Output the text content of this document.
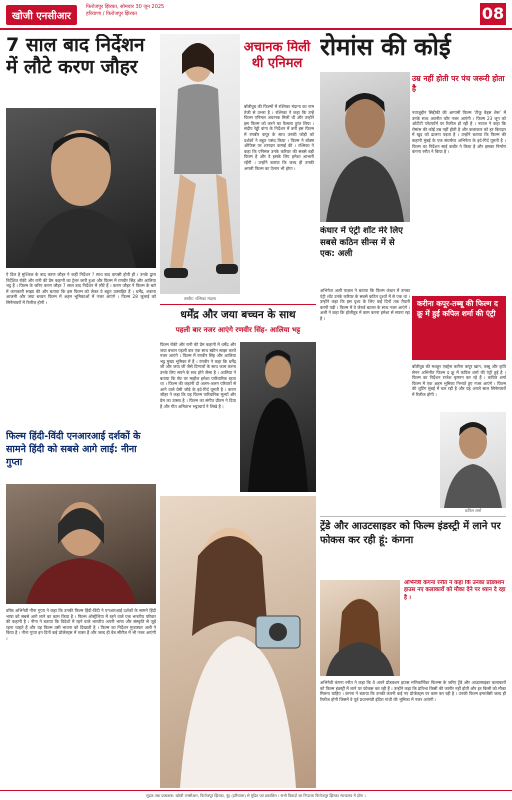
खोजी एनसीआर
फिरोजपुर झिरका, सोमवार 30 जून 2025
हरियाणा / फिरोजपुर झिरका	08
7 साल बाद निर्देशन में लौटे करण जौहर
ऐ दिल है मुश्किल के बाद करण जौहर ने कहीं निर्देशन ? साथ बाद वापसी होनी ही । उनके द्वारा निर्देशित रॉकी और रानी की प्रेम कहानी का ट्रेलर जारी हुआ और फिल्म में रणवीर सिंह और आलिया भट्ट हैं । फिल्म के जरिए करण जौहर 7 साल बाद निर्देशन में लौटे हैं । करण जौहर ने फिल्म के बारे में जानकारी साझा की और बताया कि इस फिल्म को लेकर वे बहुत उत्साहित हैं । धर्मेंद्र, शबाना आजमी और जया बच्चन फिल्म में अहम भूमिकाओं में नजर आएंगे । फिल्म 28 जुलाई को सिनेमाघरों में रिलीज होगी ।
अचानक मिली थी एनिमल
बॉलीवुड की फिल्मों में रश्मिका मंदाना का नाम तेजी से उभरा है । रश्मिका ने कहा कि उन्हें फिल्म एनिमल अचानक मिली थी और उन्होंने इस फिल्म को करने का फैसला तुरंत लिया । संदीप रेड्डी वांगा के निर्देशन में बनी इस फिल्म में रणबीर कपूर के साथ उनकी जोड़ी को दर्शकों ने बहुत पसंद किया । फिल्म ने बॉक्स ऑफिस पर शानदार कमाई की । रश्मिका ने कहा कि एनिमल उनके करियर की सबसे बड़ी फिल्म है और वे इसके लिए हमेशा आभारी रहेंगी । उन्होंने बताया कि जल्द ही उनकी अगली फिल्म का ऐलान भी होगा ।
तस्वीर: रश्मिका मंदाना
धर्मेंद्र और जया बच्चन के साथ
पहली बार नजर आएंगे रणवीर सिंह- आलिया भट्ट
फिल्म रॉकी और रानी की प्रेम कहानी में धर्मेंद्र और जया बच्चन पहली बार एक साथ स्क्रीन साझा करते नजर आएंगे । फिल्म में रणवीर सिंह और आलिया भट्ट मुख्य भूमिका में हैं । रणवीर ने कहा कि धर्मेंद्र जी और जया जी जैसे दिग्गजों के साथ काम करना उनके लिए सपने के सच होने जैसा है । आलिया ने बताया कि सेट पर माहौल हमेशा पारिवारिक रहता था । फिल्म की कहानी दो अलग-अलग परिवारों से आने वाले प्रेमी जोड़े के इर्द-गिर्द घूमती है । करण जौहर ने कहा कि यह फिल्म पारिवारिक मूल्यों और प्रेम का उत्सव है । फिल्म का संगीत प्रीतम ने दिया है और गीत अमिताभ भट्टाचार्य ने लिखे हैं ।
फिल्म हिंदी-विंदी एनआरआई दर्शकों के सामने हिंदी को सबसे आगे लाई: नीना गुप्ता
वरिष्ठ अभिनेत्री नीना गुप्ता ने कहा कि उनकी फिल्म हिंदी-विंदी ने एनआरआई दर्शकों के सामने हिंदी भाषा को सबसे आगे लाने का काम किया है । फिल्म ऑस्ट्रेलिया में रहने वाले एक भारतीय परिवार की कहानी है । नीना ने बताया कि विदेशों में रहने वाले भारतीय अपनी भाषा और संस्कृति से जुड़े रहना चाहते हैं और यह फिल्म उसी भावना को दिखाती है । फिल्म का निर्देशन मुजफ्फर अली ने किया है । नीना गुप्ता इन दिनों कई प्रोजेक्ट्स में व्यस्त हैं और जल्द ही वेब सीरीज में भी नजर आएंगी ।
रोमांस की कोई
उम्र नहीं होती पर पंच जरूरी होता है
नवाजुद्दीन सिद्दीकी की आगामी फिल्म ‘टीकू वेड्स शेरू’ में उनके साथ अवनीत कौर नजर आएंगी । फिल्म 23 जून को ओटीटी प्लेटफॉर्म पर रिलीज हो रही है । नवाज ने कहा कि रोमांस की कोई उम्र नहीं होती है और कलाकार को हर किरदार में खुद को ढालना पड़ता है । उन्होंने बताया कि फिल्म की कहानी मुंबई के एक संघर्षरत अभिनेता के इर्द-गिर्द घूमती है । फिल्म का निर्देशन साई कबीर ने किया है और इसका निर्माण कंगना रनौत ने किया है ।
कंधार में एंट्री शॉट मेरे लिए सबसे कठिन सीन्स में से एक: अली
अभिनेता अली फज़ल ने बताया कि फिल्म कंधार में उनका एंट्री शॉट उनके करियर के सबसे कठिन दृश्यों में से एक था । उन्होंने कहा कि इस दृश्य के लिए कई दिनों तक तैयारी करनी पड़ी । फिल्म में वे जेरार्ड बटलर के साथ नजर आएंगे । अली ने कहा कि हॉलीवुड में काम करना हमेशा से सपना रहा है ।
करीना कपूर-तब्बू की फिल्म द क्रू में हुई कपिल शर्मा की एंट्री
बॉलीवुड की मशहूर एक्ट्रेस करीना कपूर खान, तब्बू और कृति सेनन अभिनीत फिल्म द क्रू में कपिल शर्मा की एंट्री हुई है । फिल्म का निर्देशन राजेश कृष्णन कर रहे हैं । कपिल शर्मा फिल्म में एक अहम भूमिका निभाते हुए नजर आएंगे । फिल्म की शूटिंग मुंबई में चल रही है और यह अगले साल सिनेमाघरों में रिलीज होगी ।
कपिल शर्मा
ट्रेंडे और आउटसाइडर को फिल्म इंडस्ट्री में लाने पर फोकस कर रही हूं: कंगना
अभिनेत्री कंगना रनौत ने कहा कि उनका प्रोडक्शन हाउस नए कलाकारों को मौका देने पर ध्यान दे रहा है ।
अभिनेत्री कंगना रनौत ने कहा कि वे अपने प्रोडक्शन हाउस मणिकर्णिका फिल्म्स के जरिए ट्रेंडे और आउटसाइडर कलाकारों को फिल्म इंडस्ट्री में लाने पर फोकस कर रही हैं । उन्होंने कहा कि प्रतिभा किसी की जागीर नहीं होती और हर किसी को मौका मिलना चाहिए । कंगना ने बताया कि उनकी कंपनी कई नए प्रोजेक्ट्स पर काम कर रही है । उनकी फिल्म इमरजेंसी जल्द ही रिलीज होगी जिसमें वे पूर्व प्रधानमंत्री इंदिरा गांधी की भूमिका में नजर आएंगी ।
मुद्रक तथा प्रकाशक: खोजी एनसीआर, फिरोजपुर झिरका, नूंह (हरियाणा) से मुद्रित एवं प्रकाशित । सभी विवादों का निपटारा फिरोजपुर झिरका न्यायालय में होगा ।
